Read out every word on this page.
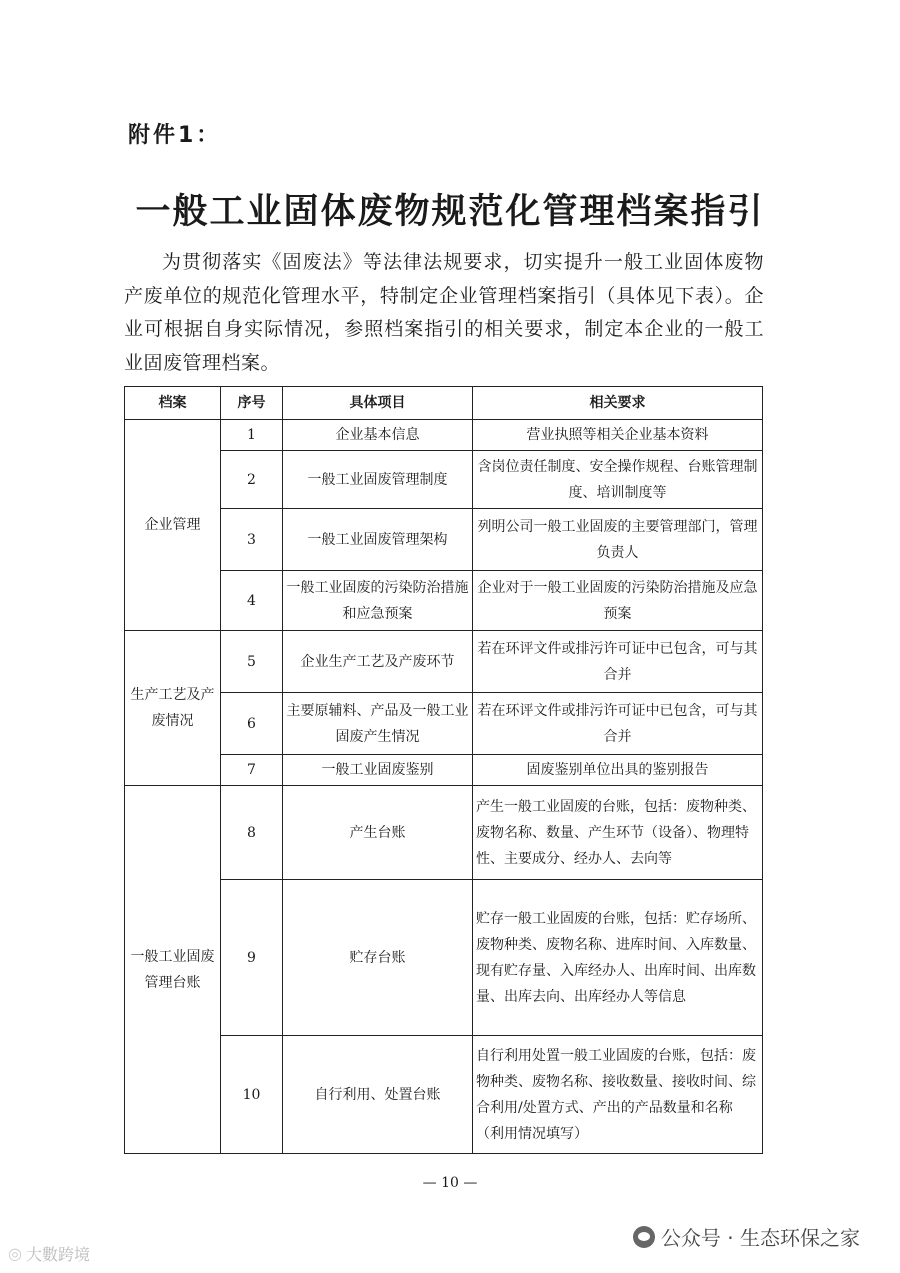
附件1：
一般工业固体废物规范化管理档案指引
为贯彻落实《固废法》等法律法规要求，切实提升一般工业固体废物产废单位的规范化管理水平，特制定企业管理档案指引（具体见下表）。企业可根据自身实际情况，参照档案指引的相关要求，制定本企业的一般工业固废管理档案。
档案	序号	具体项目	相关要求
企业管理	1	企业基本信息	营业执照等相关企业基本资料
	2	一般工业固废管理制度	含岗位责任制度、安全操作规程、台账管理制度、培训制度等
	3	一般工业固废管理架构	列明公司一般工业固废的主要管理部门，管理负责人
	4	一般工业固废的污染防治措施和应急预案	企业对于一般工业固废的污染防治措施及应急预案
生产工艺及产废情况	5	企业生产工艺及产废环节	若在环评文件或排污许可证中已包含，可与其合并
	6	主要原辅料、产品及一般工业固废产生情况	若在环评文件或排污许可证中已包含，可与其合并
	7	一般工业固废鉴别	固废鉴别单位出具的鉴别报告
一般工业固废管理台账	8	产生台账	产生一般工业固废的台账，包括：废物种类、废物名称、数量、产生环节（设备）、物理特性、主要成分、经办人、去向等
	9	贮存台账	贮存一般工业固废的台账，包括：贮存场所、废物种类、废物名称、进库时间、入库数量、现有贮存量、入库经办人、出库时间、出库数量、出库去向、出库经办人等信息
	10	自行利用、处置台账	自行利用处置一般工业固废的台账，包括：废物种类、废物名称、接收数量、接收时间、综合利用/处置方式、产出的产品数量和名称（利用情况填写）
— 10 —
公众号 · 生态环保之家
◎ 大數跨境
